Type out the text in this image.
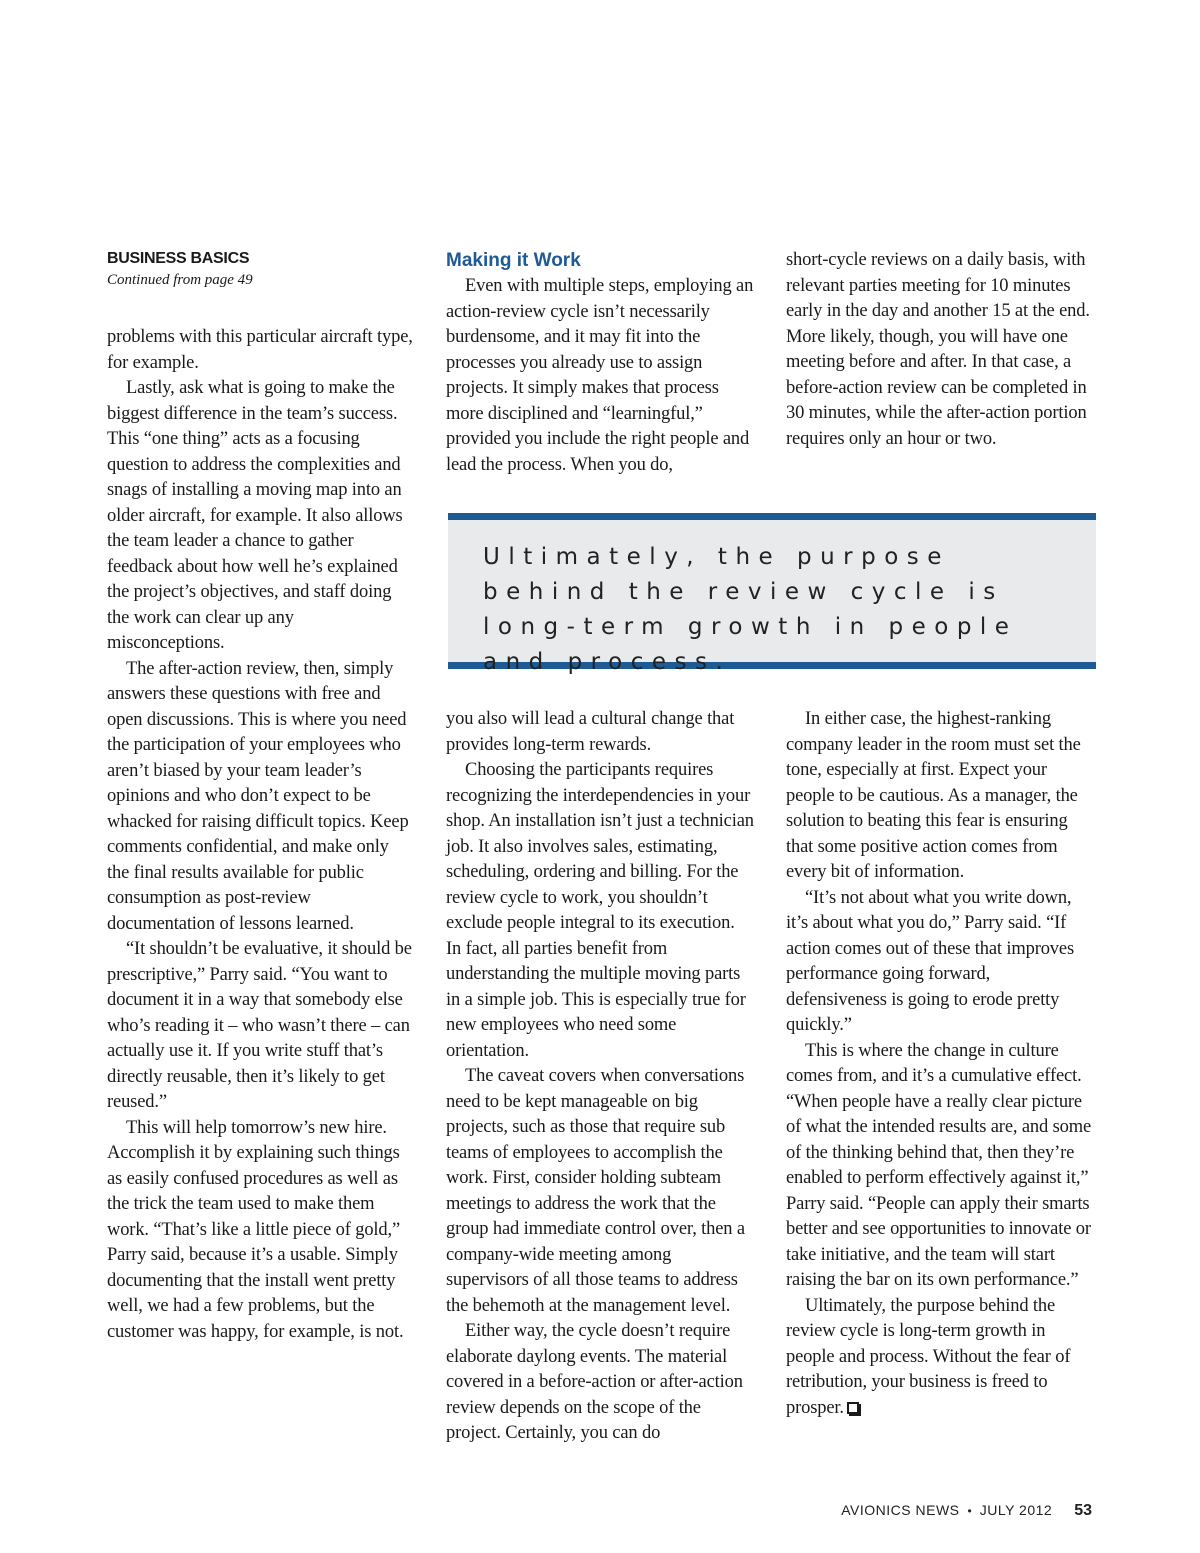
BUSINESS BASICS
Continued from page 49

problems with this particular aircraft type, for example.

Lastly, ask what is going to make the biggest difference in the team’s success. This “one thing” acts as a focusing question to address the complexities and snags of installing a moving map into an older aircraft, for example. It also allows the team leader a chance to gather feedback about how well he’s explained the project’s objectives, and staff doing the work can clear up any misconceptions.

The after-action review, then, simply answers these questions with free and open discussions. This is where you need the participation of your employees who aren’t biased by your team leader’s opinions and who don’t expect to be whacked for raising difficult topics. Keep comments confidential, and make only the final results available for public consumption as post-review documentation of lessons learned.

“It shouldn’t be evaluative, it should be prescriptive,” Parry said. “You want to document it in a way that somebody else who’s reading it – who wasn’t there – can actually use it. If you write stuff that’s directly reusable, then it’s likely to get reused.”

This will help tomorrow’s new hire. Accomplish it by explaining such things as easily confused procedures as well as the trick the team used to make them work. “That’s like a little piece of gold,” Parry said, because it’s a usable. Simply documenting that the install went pretty well, we had a few problems, but the customer was happy, for example, is not.

Making it Work

Even with multiple steps, employing an action-review cycle isn’t necessarily burdensome, and it may fit into the processes you already use to assign projects. It simply makes that process more disciplined and “learningful,” provided you include the right people and lead the process. When you do,

short-cycle reviews on a daily basis, with relevant parties meeting for 10 minutes early in the day and another 15 at the end. More likely, though, you will have one meeting before and after. In that case, a before-action review can be completed in 30 minutes, while the after-action portion requires only an hour or two.

Ultimately, the purpose behind the review cycle is long-term growth in people and process.

you also will lead a cultural change that provides long-term rewards.

Choosing the participants requires recognizing the interdependencies in your shop. An installation isn’t just a technician job. It also involves sales, estimating, scheduling, ordering and billing. For the review cycle to work, you shouldn’t exclude people integral to its execution. In fact, all parties benefit from understanding the multiple moving parts in a simple job. This is especially true for new employees who need some orientation.

The caveat covers when conversations need to be kept manageable on big projects, such as those that require sub teams of employees to accomplish the work. First, consider holding subteam meetings to address the work that the group had immediate control over, then a company-wide meeting among supervisors of all those teams to address the behemoth at the management level.

Either way, the cycle doesn’t require elaborate daylong events. The material covered in a before-action or after-action review depends on the scope of the project. Certainly, you can do

In either case, the highest-ranking company leader in the room must set the tone, especially at first. Expect your people to be cautious. As a manager, the solution to beating this fear is ensuring that some positive action comes from every bit of information.

“It’s not about what you write down, it’s about what you do,” Parry said. “If action comes out of these that improves performance going forward, defensiveness is going to erode pretty quickly.”

This is where the change in culture comes from, and it’s a cumulative effect. “When people have a really clear picture of what the intended results are, and some of the thinking behind that, then they’re enabled to perform effectively against it,” Parry said. “People can apply their smarts better and see opportunities to innovate or take initiative, and the team will start raising the bar on its own performance.”

Ultimately, the purpose behind the review cycle is long-term growth in people and process. Without the fear of retribution, your business is freed to prosper.

AVIONICS NEWS • JULY 2012 53
